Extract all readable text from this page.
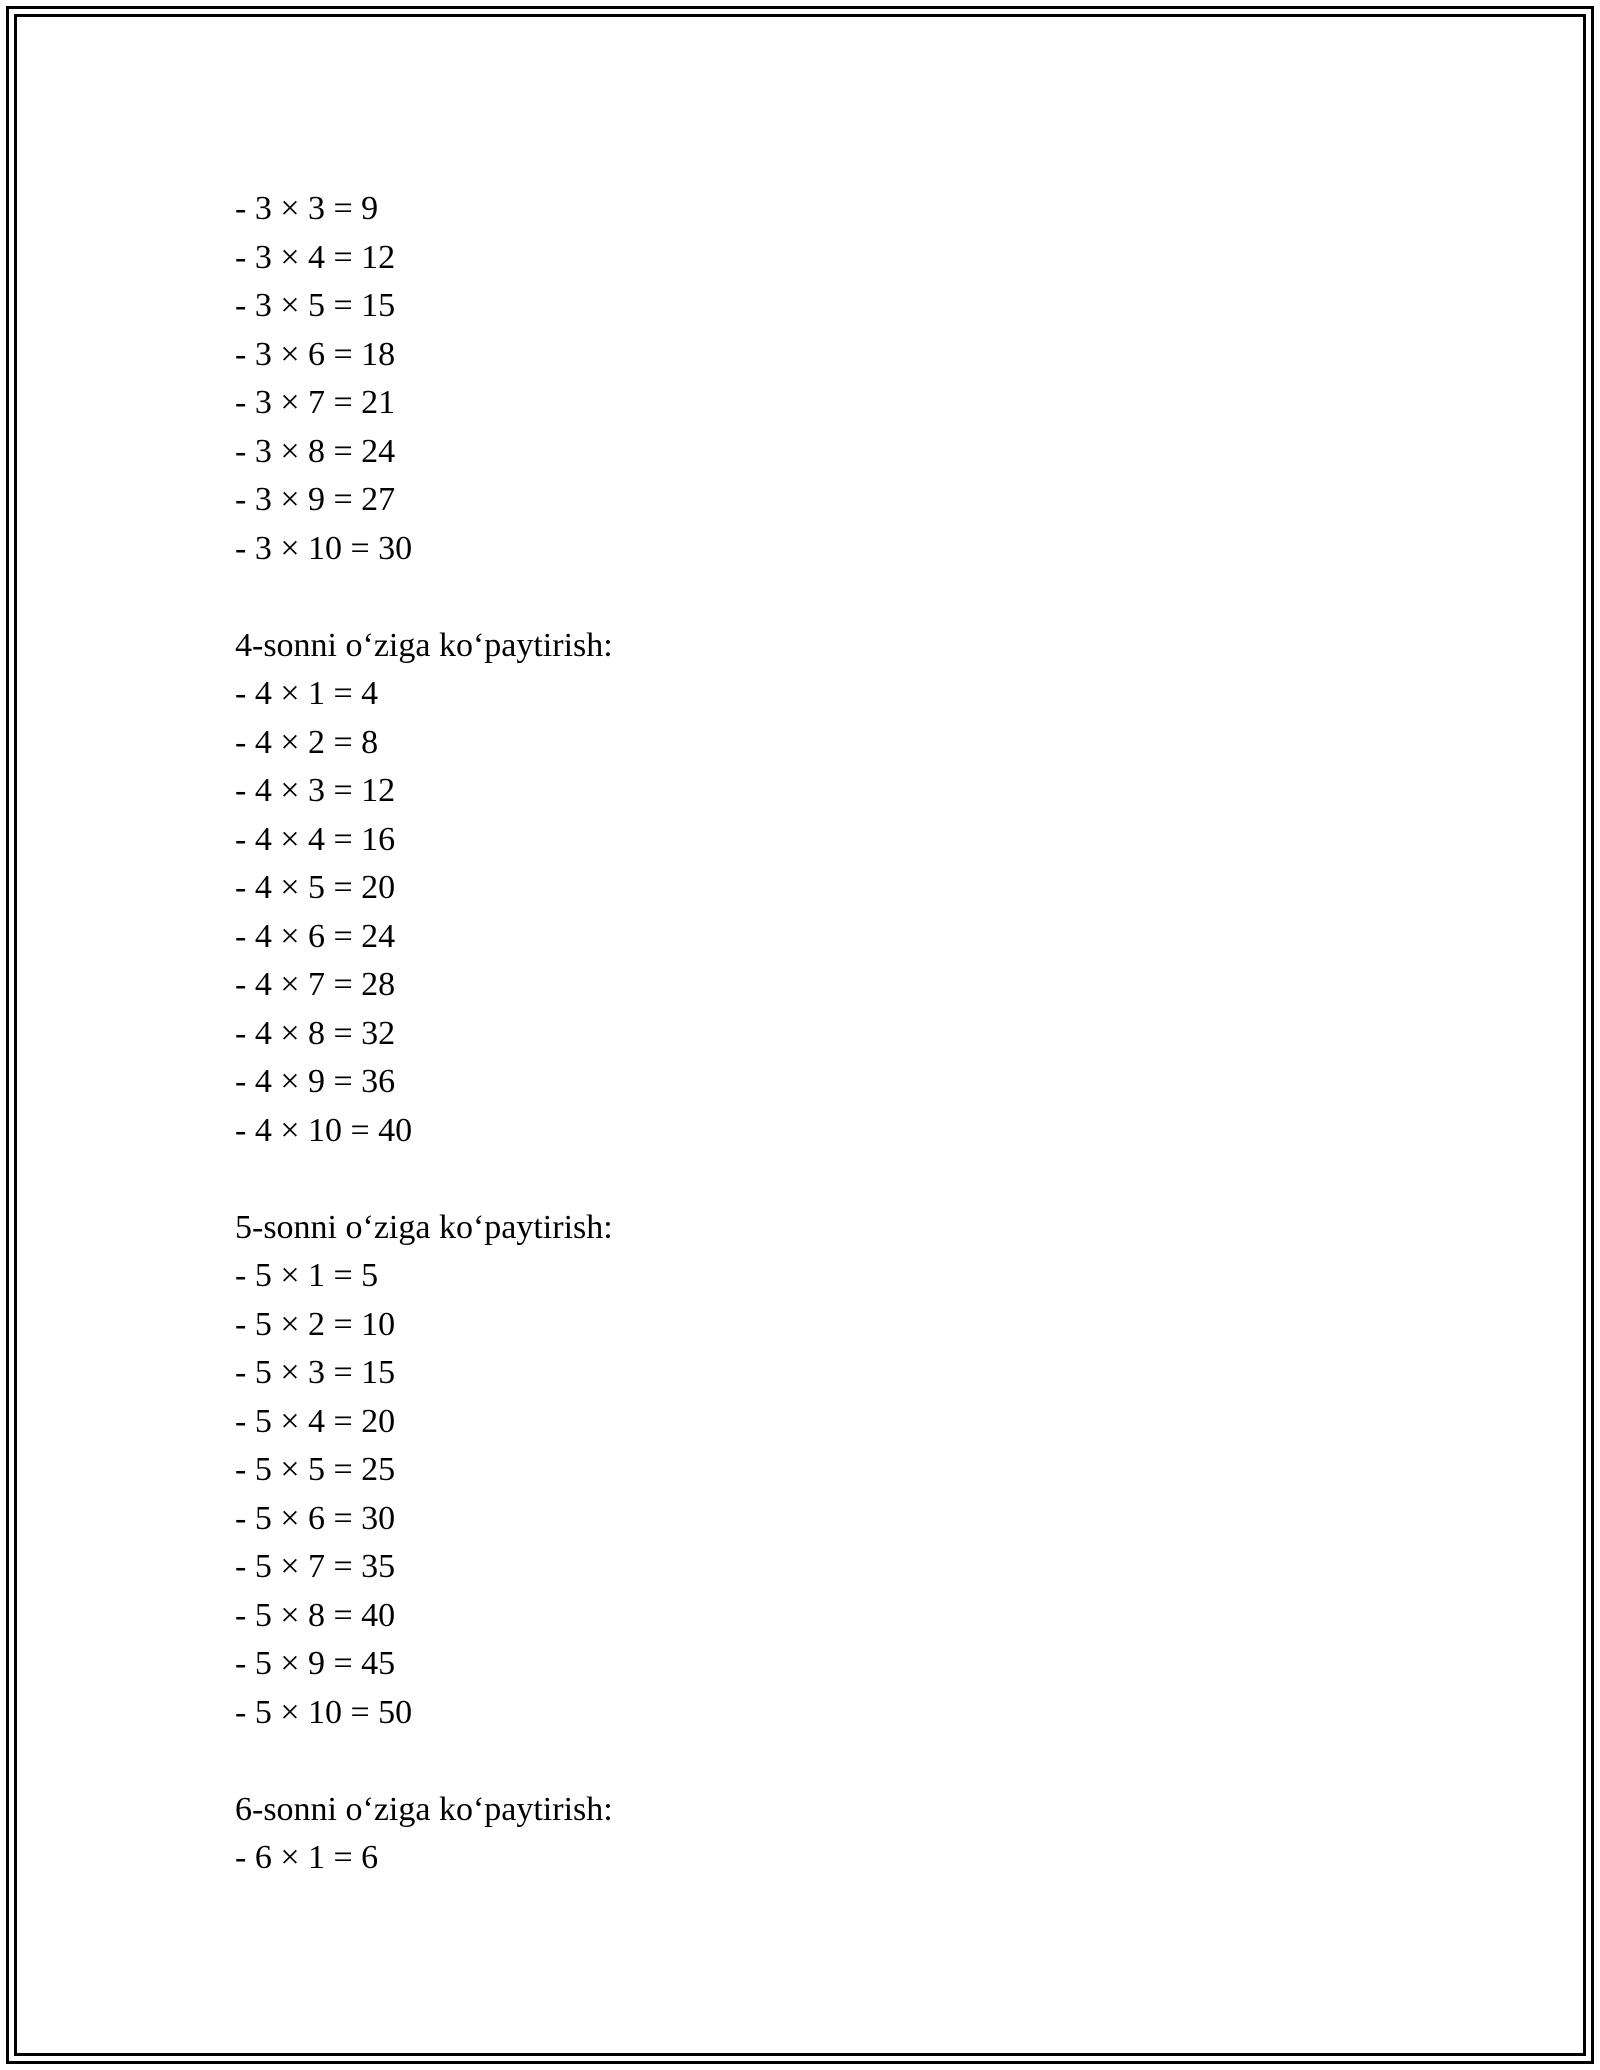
- 3 × 3 = 9
- 3 × 4 = 12
- 3 × 5 = 15
- 3 × 6 = 18
- 3 × 7 = 21
- 3 × 8 = 24
- 3 × 9 = 27
- 3 × 10 = 30
4-sonni o‘ziga ko‘paytirish:
- 4 × 1 = 4
- 4 × 2 = 8
- 4 × 3 = 12
- 4 × 4 = 16
- 4 × 5 = 20
- 4 × 6 = 24
- 4 × 7 = 28
- 4 × 8 = 32
- 4 × 9 = 36
- 4 × 10 = 40
5-sonni o‘ziga ko‘paytirish:
- 5 × 1 = 5
- 5 × 2 = 10
- 5 × 3 = 15
- 5 × 4 = 20
- 5 × 5 = 25
- 5 × 6 = 30
- 5 × 7 = 35
- 5 × 8 = 40
- 5 × 9 = 45
- 5 × 10 = 50
6-sonni o‘ziga ko‘paytirish:
- 6 × 1 = 6
